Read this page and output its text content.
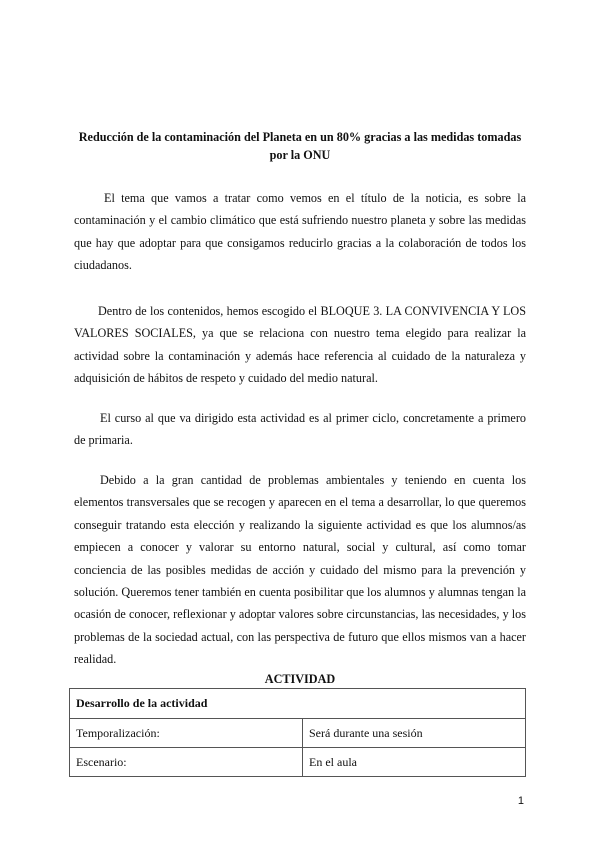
Reducción de la contaminación del Planeta en un 80% gracias a las medidas tomadas por la ONU

El tema que vamos a tratar como vemos en el título de la noticia, es sobre la contaminación y el cambio climático que está sufriendo nuestro planeta y sobre las medidas que hay que adoptar para que consigamos reducirlo gracias a la colaboración de todos los ciudadanos.

Dentro de los contenidos, hemos escogido el BLOQUE 3. LA CONVIVENCIA Y LOS VALORES SOCIALES, ya que se relaciona con nuestro tema elegido para realizar la actividad sobre la contaminación y además hace referencia al cuidado de la naturaleza y adquisición de hábitos de respeto y cuidado del medio natural.

El curso al que va dirigido esta actividad es al primer ciclo, concretamente a primero de primaria.

Debido a la gran cantidad de problemas ambientales y teniendo en cuenta los elementos transversales que se recogen y aparecen en el tema a desarrollar, lo que queremos conseguir tratando esta elección y realizando la siguiente actividad es que los alumnos/as empiecen a conocer y valorar su entorno natural, social y cultural, así como tomar conciencia de las posibles medidas de acción y cuidado del mismo para la prevención y solución. Queremos tener también en cuenta posibilitar que los alumnos y alumnas tengan la ocasión de conocer, reflexionar y adoptar valores sobre circunstancias, las necesidades, y los problemas de la sociedad actual, con las perspectiva de futuro que ellos mismos van a hacer realidad.

ACTIVIDAD
Desarrollo de la actividad	
Temporalización:	Será durante una sesión
Escenario:	En el aula
1
